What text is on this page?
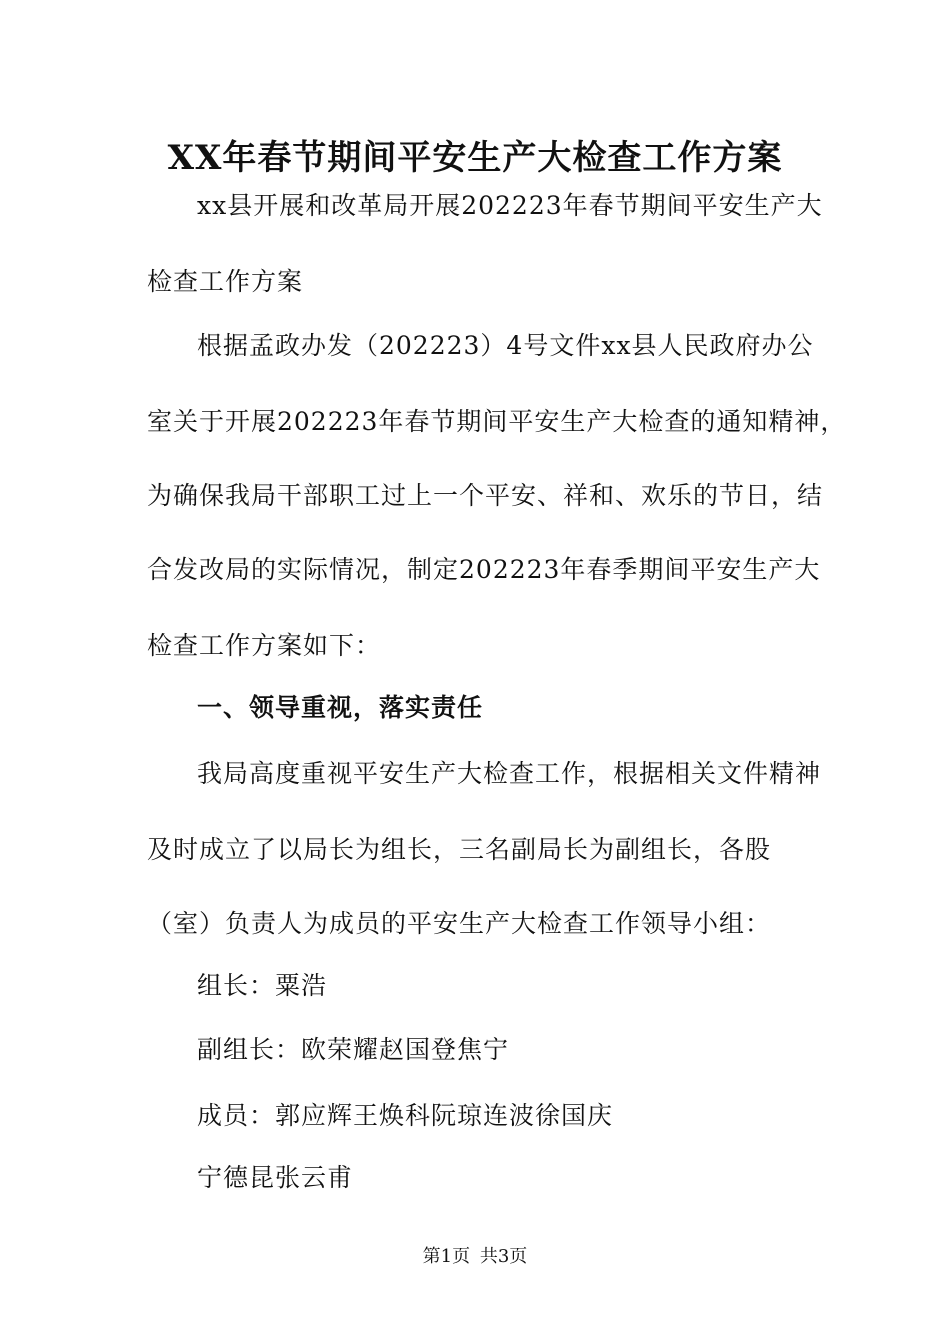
XX年春节期间平安生产大检查工作方案
xx县开展和改革局开展202223年春节期间平安生产大
检查工作方案
根据孟政办发（202223）4号文件xx县人民政府办公
室关于开展202223年春节期间平安生产大检查的通知精神，
为确保我局干部职工过上一个平安、祥和、欢乐的节日，结
合发改局的实际情况，制定202223年春季期间平安生产大
检查工作方案如下：
一、领导重视，落实责任
我局高度重视平安生产大检查工作，根据相关文件精神
及时成立了以局长为组长，三名副局长为副组长，各股
（室）负责人为成员的平安生产大检查工作领导小组：
组长：粟浩
副组长：欧荣耀赵国登焦宁
成员：郭应辉王焕科阮琼连波徐国庆
宁德昆张云甫
第1页 共3页
